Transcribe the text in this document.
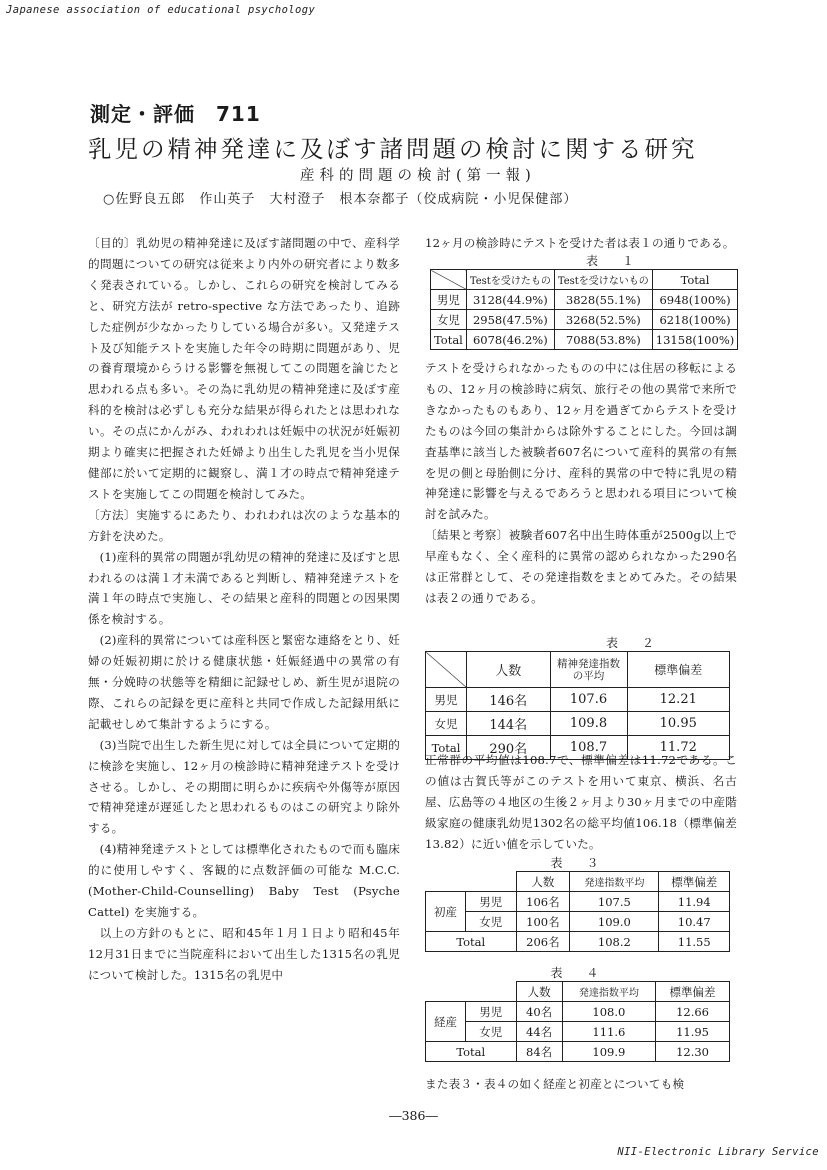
Japanese association of educational psychology
測定・評価　711
乳児の精神発達に及ぼす諸問題の検討に関する研究
産科的問題の検討(第一報)
○佐野良五郎　作山英子　大村澄子　根本奈都子（佼成病院・小児保健部）

〔目的〕乳幼児の精神発達に及ぼす諸問題の中で、産科学的問題についての研究は従来より内外の研究者により数多く発表されている。しかし、これらの研究を検討してみると、研究方法が retro-spective な方法であったり、追跡した症例が少なかったりしている場合が多い。又発達テスト及び知能テストを実施した年令の時期に問題があり、児の養育環境からうける影響を無視してこの問題を論じたと思われる点も多い。その為に乳幼児の精神発達に及ぼす産科的を検討は必ずしも充分な結果が得られたとは思われない。その点にかんがみ、われわれは妊娠中の状況が妊娠初期より確実に把握された妊婦より出生した乳児を当小児保健部に於いて定期的に観察し、満１才の時点で精神発達テストを実施してこの問題を検討してみた。

〔方法〕実施するにあたり、われわれは次のような基本的方針を決めた。

(1)産科的異常の問題が乳幼児の精神的発達に及ぼすと思われるのは満１才未満であると判断し、精神発達テストを満１年の時点で実施し、その結果と産科的問題との因果関係を検討する。

(2)産科的異常については産科医と緊密な連絡をとり、妊婦の妊娠初期に於ける健康状態・妊娠経過中の異常の有無・分娩時の状態等を精細に記録せしめ、新生児が退院の際、これらの記録を更に産科と共同で作成した記録用紙に記載せしめて集計するようにする。

(3)当院で出生した新生児に対しては全員について定期的に検診を実施し、12ヶ月の検診時に精神発達テストを受けさせる。しかし、その期間に明らかに疾病や外傷等が原因で精神発達が遅延したと思われるものはこの研究より除外する。

(4)精神発達テストとしては標準化されたもので而も臨床的に使用しやすく、客観的に点数評価の可能な M.C.C.(Mother-Child-Counselling) Baby Test (Psyche Cattel) を実施する。

以上の方針のもとに、昭和45年１月１日より昭和45年12月31日までに当院産科において出生した1315名の乳児について検討した。1315名の乳児中

12ヶ月の検診時にテストを受けた者は表１の通りである。

表　１
	Testを受けたもの	Testを受けないもの	Total
男児	3128(44.9%)	3828(55.1%)	6948(100%)
女児	2958(47.5%)	3268(52.5%)	6218(100%)
Total	6078(46.2%)	7088(53.8%)	13158(100%)

テストを受けられなかったものの中には住居の移転によるもの、12ヶ月の検診時に病気、旅行その他の異常で来所できなかったものもあり、12ヶ月を過ぎてからテストを受けたものは今回の集計からは除外することにした。今回は調査基準に該当した被験者607名について産科的異常の有無を児の側と母胎側に分け、産科的異常の中で特に乳児の精神発達に影響を与えるであろうと思われる項目について検討を試みた。

〔結果と考察〕被験者607名中出生時体重が2500g以上で早産もなく、全く産科的に異常の認められなかった290名は正常群として、その発達指数をまとめてみた。その結果は表２の通りである。

表　２
	人数	精神発達指数の平均	標準偏差
男児	146名	107.6	12.21
女児	144名	109.8	10.95
Total	290名	108.7	11.72

正常群の平均値は108.7で、標準偏差は11.72である。この値は古賀氏等がこのテストを用いて東京、横浜、名古屋、広島等の４地区の生後２ヶ月より30ヶ月までの中産階級家庭の健康乳幼児1302名の総平均値106.18（標準偏差13.82）に近い値を示していた。

表　３
		人数	発達指数平均	標準偏差
初産	男児	106名	107.5	11.94
	女児	100名	109.0	10.47
Total		206名	108.2	11.55
表　４
		人数	発達指数平均	標準偏差
経産	男児	40名	108.0	12.66
	女児	44名	111.6	11.95
Total		84名	109.9	12.30

また表３・表４の如く経産と初産とについても検

―386―
NII-Electronic Library Service
